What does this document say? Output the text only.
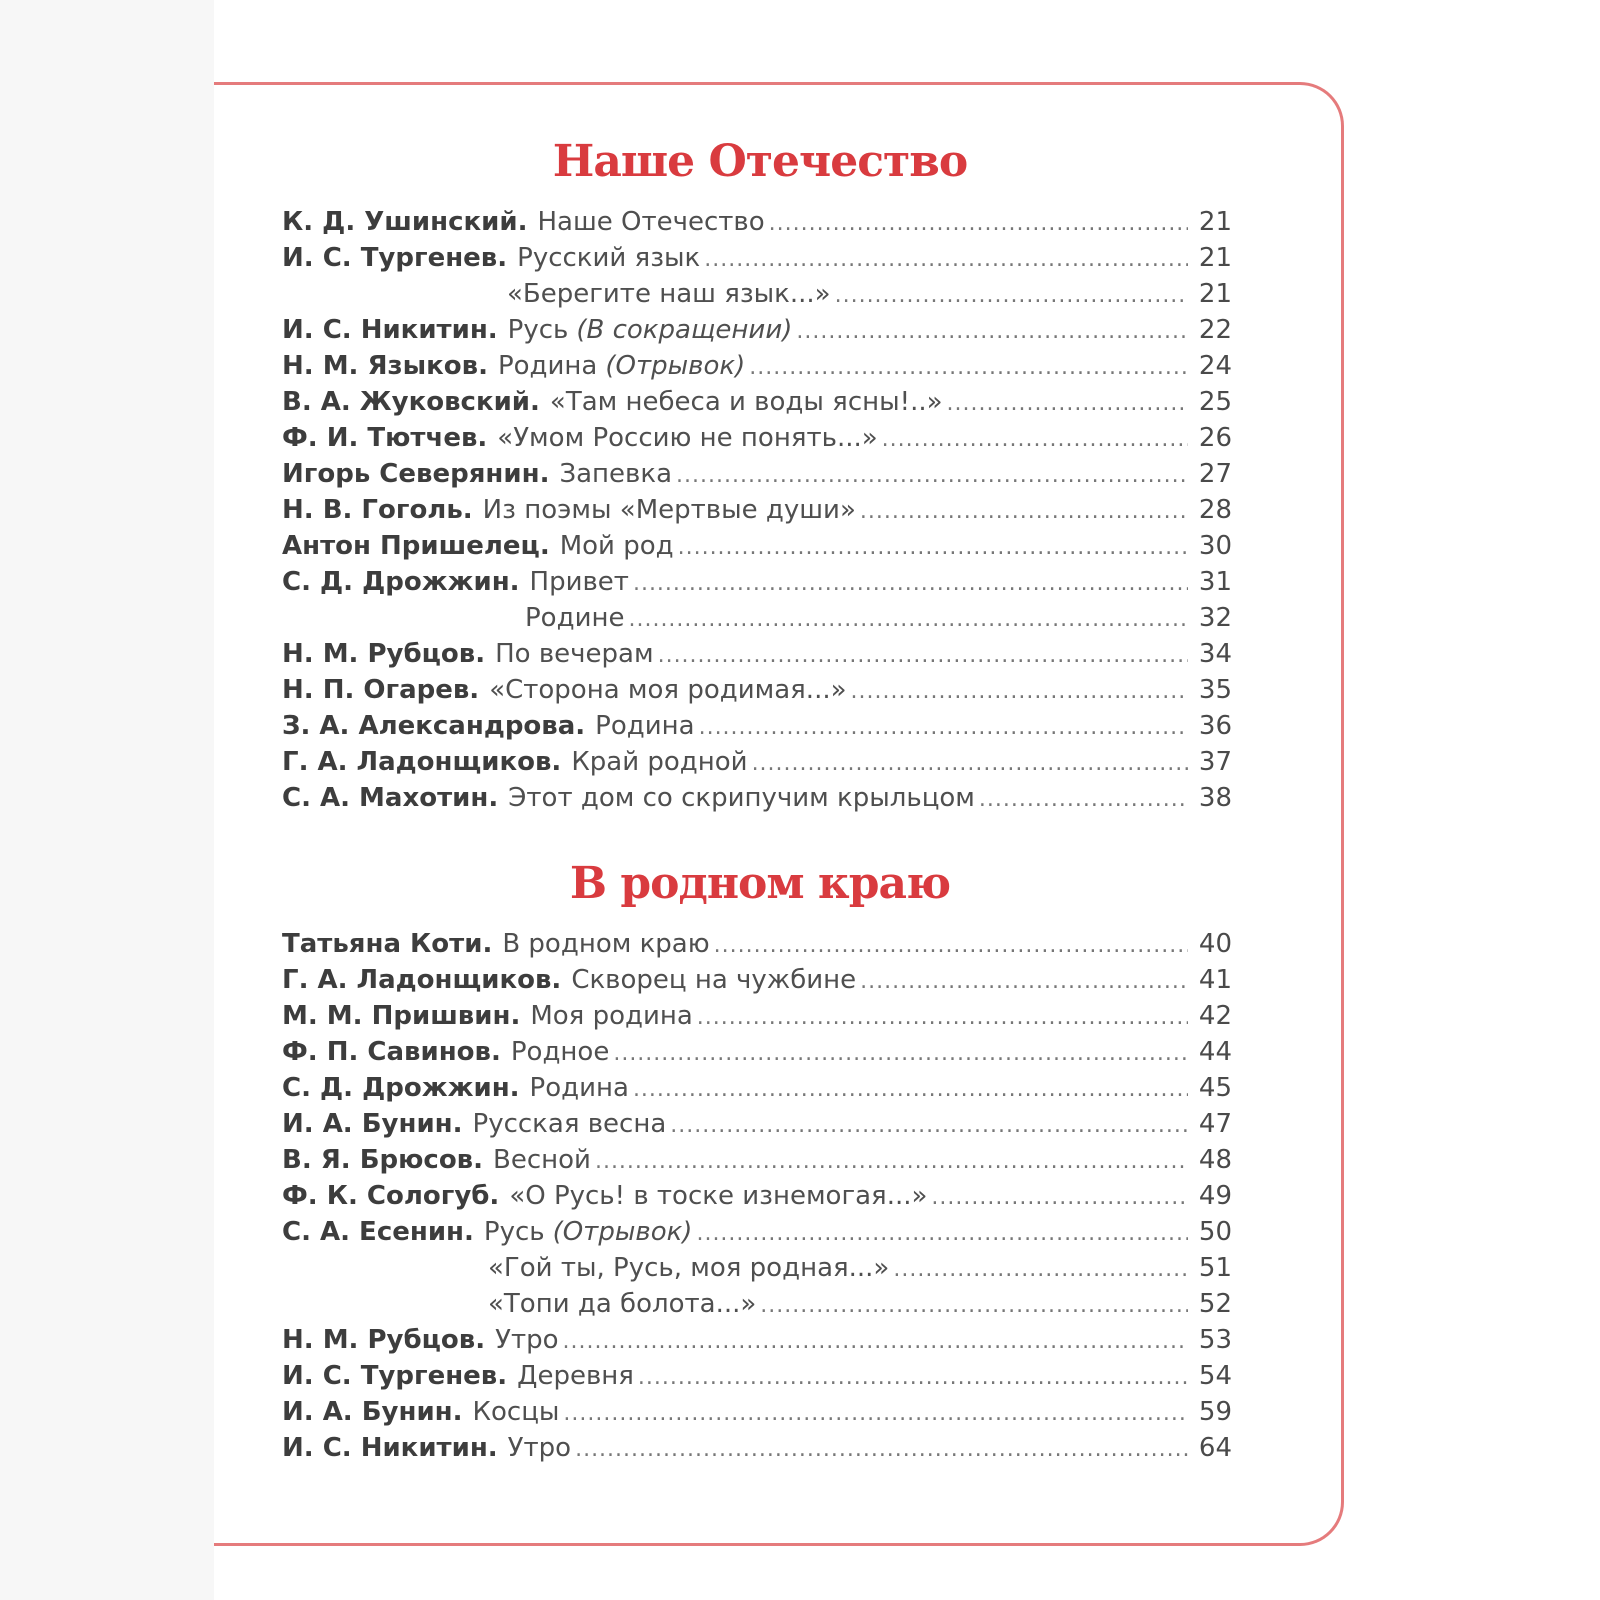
Наше Отечество
К. Д. Ушинский. Наше Отечество .....	21
И. С. Тургенев. Русский язык .....	21
«Берегите наш язык...» .....	21
И. С. Никитин. Русь (В сокращении) .....	22
Н. М. Языков. Родина (Отрывок) .....	24
В. А. Жуковский. «Там небеса и воды ясны!..» .....	25
Ф. И. Тютчев. «Умом Россию не понять...» .....	26
Игорь Северянин. Запевка .....	27
Н. В. Гоголь. Из поэмы «Мертвые души» .....	28
Антон Пришелец. Мой род .....	30
С. Д. Дрожжин. Привет .....	31
Родине .....	32
Н. М. Рубцов. По вечерам .....	34
Н. П. Огарев. «Сторона моя родимая...» .....	35
З. А. Александрова. Родина .....	36
Г. А. Ладонщиков. Край родной .....	37
С. А. Махотин. Этот дом со скрипучим крыльцом .....	38
В родном краю
Татьяна Коти. В родном краю .....	40
Г. А. Ладонщиков. Скворец на чужбине .....	41
М. М. Пришвин. Моя родина .....	42
Ф. П. Савинов. Родное .....	44
С. Д. Дрожжин. Родина .....	45
И. А. Бунин. Русская весна .....	47
В. Я. Брюсов. Весной .....	48
Ф. К. Сологуб. «О Русь! в тоске изнемогая...» .....	49
С. А. Есенин. Русь (Отрывок) .....	50
«Гой ты, Русь, моя родная...» .....	51
«Топи да болота...» .....	52
Н. М. Рубцов. Утро .....	53
И. С. Тургенев. Деревня .....	54
И. А. Бунин. Косцы .....	59
И. С. Никитин. Утро .....	64
